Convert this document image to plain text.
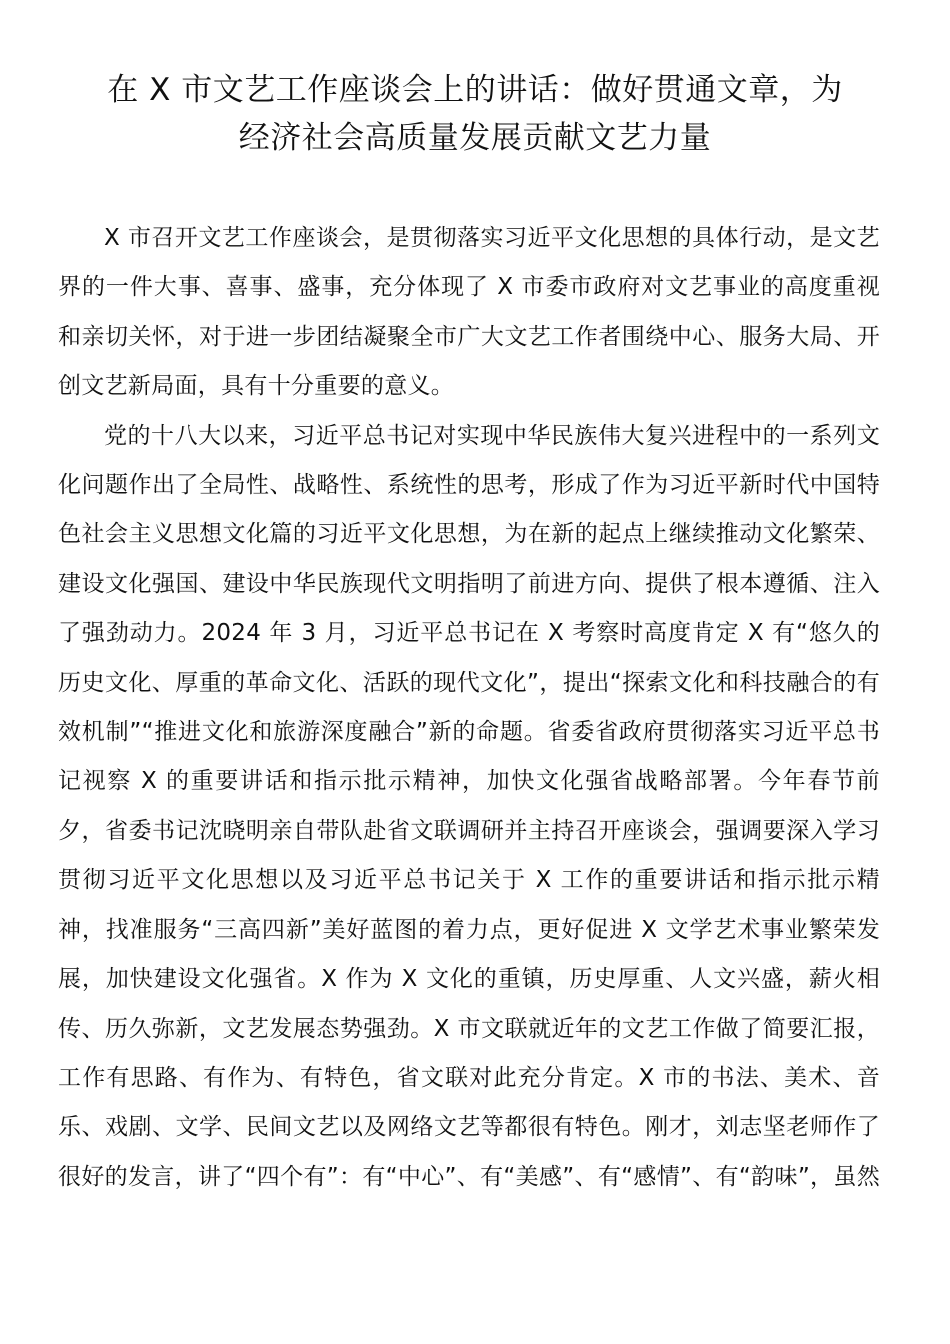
在 X 市文艺工作座谈会上的讲话：做好贯通文章，为
经济社会高质量发展贡献文艺力量

X 市召开文艺工作座谈会，是贯彻落实习近平文化思想的具体行动，是文艺界的一件大事、喜事、盛事，充分体现了 X 市委市政府对文艺事业的高度重视和亲切关怀，对于进一步团结凝聚全市广大文艺工作者围绕中心、服务大局、开创文艺新局面，具有十分重要的意义。

党的十八大以来，习近平总书记对实现中华民族伟大复兴进程中的一系列文化问题作出了全局性、战略性、系统性的思考，形成了作为习近平新时代中国特色社会主义思想文化篇的习近平文化思想，为在新的起点上继续推动文化繁荣、建设文化强国、建设中华民族现代文明指明了前进方向、提供了根本遵循、注入了强劲动力。2024 年 3 月，习近平总书记在 X 考察时高度肯定 X 有“悠久的历史文化、厚重的革命文化、活跃的现代文化”，提出“探索文化和科技融合的有效机制”“推进文化和旅游深度融合”新的命题。省委省政府贯彻落实习近平总书记视察 X 的重要讲话和指示批示精神，加快文化强省战略部署。今年春节前夕，省委书记沈晓明亲自带队赴省文联调研并主持召开座谈会，强调要深入学习贯彻习近平文化思想以及习近平总书记关于 X 工作的重要讲话和指示批示精神，找准服务“三高四新”美好蓝图的着力点，更好促进 X 文学艺术事业繁荣发展，加快建设文化强省。X 作为 X 文化的重镇，历史厚重、人文兴盛，薪火相传、历久弥新，文艺发展态势强劲。X 市文联就近年的文艺工作做了简要汇报，工作有思路、有作为、有特色，省文联对此充分肯定。X 市的书法、美术、音乐、戏剧、文学、民间文艺以及网络文艺等都很有特色。刚才，刘志坚老师作了很好的发言，讲了“四个有”：有“中心”、有“美感”、有“感情”、有“韵味”，虽然
